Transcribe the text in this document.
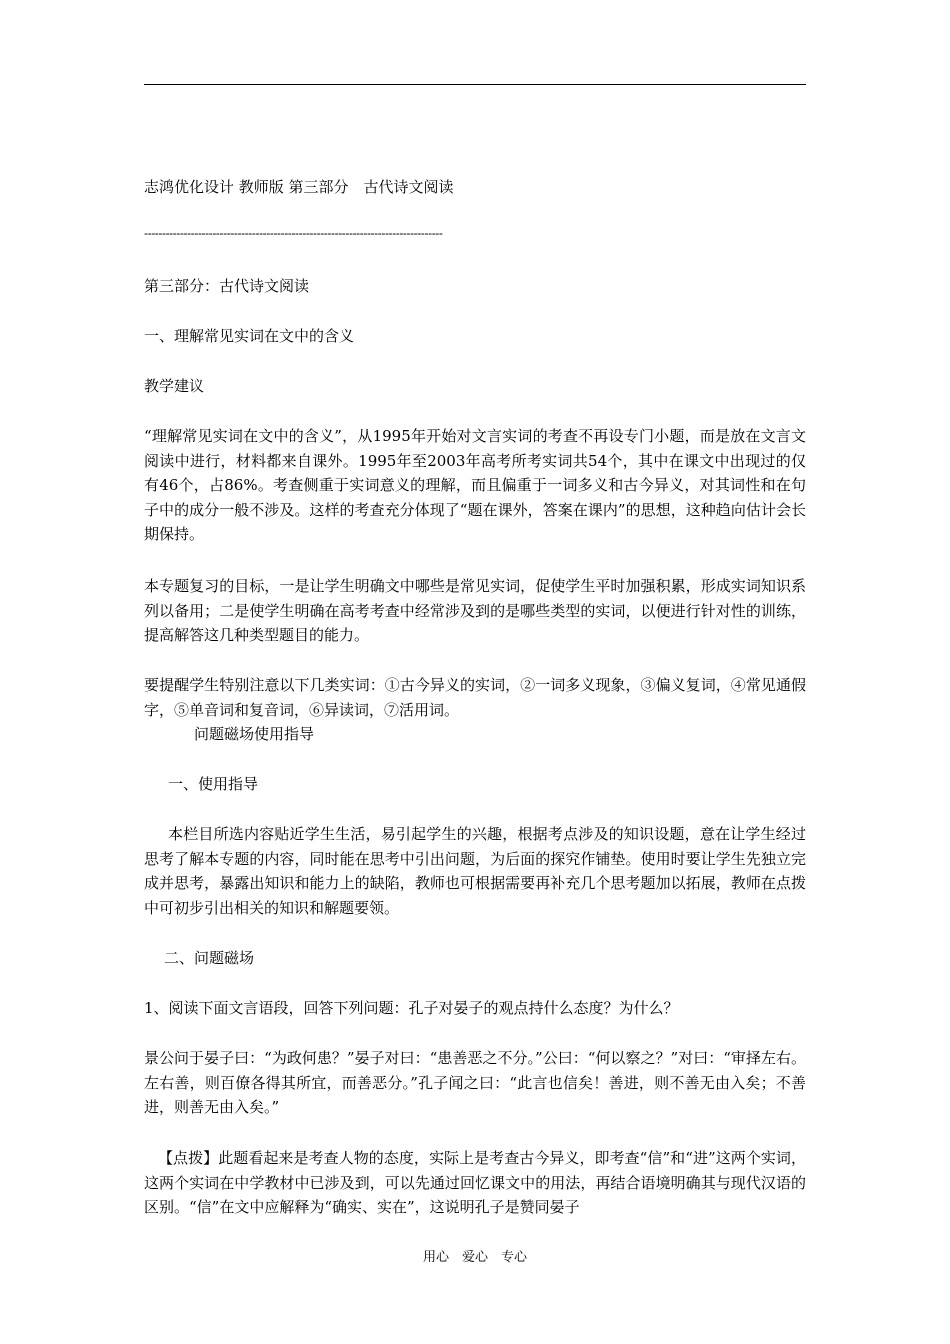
志鸿优化设计 教师版 第三部分　古代诗文阅读
-----------------------------------------------------------------------------------
第三部分：古代诗文阅读
一、理解常见实词在文中的含义
教学建议
“理解常见实词在文中的含义”，从1995年开始对文言实词的考查不再设专门小题，而是放在文言文阅读中进行，材料都来自课外。1995年至2003年高考所考实词共54个，其中在课文中出现过的仅有46个，占86%。考查侧重于实词意义的理解，而且偏重于一词多义和古今异义，对其词性和在句子中的成分一般不涉及。这样的考查充分体现了“题在课外，答案在课内”的思想，这种趋向估计会长期保持。
本专题复习的目标，一是让学生明确文中哪些是常见实词，促使学生平时加强积累，形成实词知识系列以备用；二是使学生明确在高考考查中经常涉及到的是哪些类型的实词，以便进行针对性的训练，提高解答这几种类型题目的能力。
要提醒学生特别注意以下几类实词：①古今异义的实词，②一词多义现象，③偏义复词，④常见通假字，⑤单音词和复音词，⑥异读词，⑦活用词。
问题磁场使用指导
一、使用指导
本栏目所选内容贴近学生生活，易引起学生的兴趣，根据考点涉及的知识设题，意在让学生经过思考了解本专题的内容，同时能在思考中引出问题，为后面的探究作铺垫。使用时要让学生先独立完成并思考，暴露出知识和能力上的缺陷，教师也可根据需要再补充几个思考题加以拓展，教师在点拨中可初步引出相关的知识和解题要领。
二、问题磁场
1、阅读下面文言语段，回答下列问题：孔子对晏子的观点持什么态度？为什么？
景公问于晏子曰：“为政何患？”晏子对曰：“患善恶之不分。”公曰：“何以察之？”对曰：“审择左右。左右善，则百僚各得其所宜，而善恶分。”孔子闻之曰：“此言也信矣！善进，则不善无由入矣；不善进，则善无由入矣。”
【点拨】此题看起来是考查人物的态度，实际上是考查古今异义，即考查“信”和“进”这两个实词，这两个实词在中学教材中已涉及到，可以先通过回忆课文中的用法，再结合语境明确其与现代汉语的区别。“信”在文中应解释为“确实、实在”，这说明孔子是赞同晏子
用心　爱心　专心
